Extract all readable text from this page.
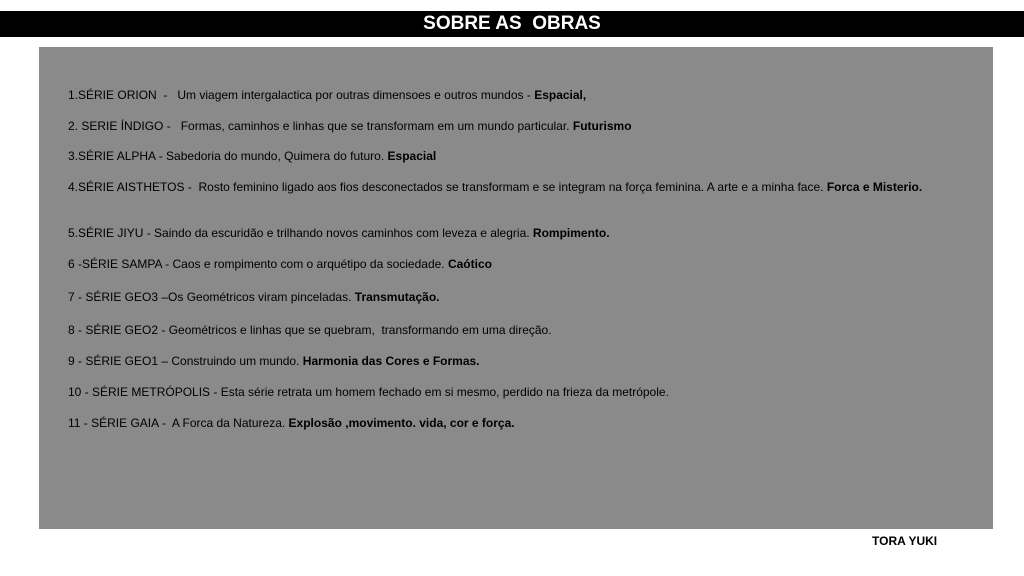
SOBRE AS  OBRAS
1.SÉRIE ORION  -   Um viagem intergalactica por outras dimensoes e outros mundos - Espacial,
2. SERIE ÍNDIGO -   Formas, caminhos e linhas que se transformam em um mundo particular. Futurismo
3.SÉRIE ALPHA - Sabedoria do mundo, Quimera do futuro. Espacial
4.SÉRIE AISTHETOS -  Rosto feminino ligado aos fios desconectados se transformam e se integram na força feminina. A arte e a minha face. Forca e Misterio.
5.SÉRIE JIYU - Saindo da escuridão e trilhando novos caminhos com leveza e alegria. Rompimento.
6 -SÉRIE SAMPA - Caos e rompimento com o arquétipo da sociedade. Caótico
7 - SÉRIE GEO3 –Os Geométricos viram pinceladas. Transmutação.
8 - SÉRIE GEO2 - Geométricos e linhas que se quebram,  transformando em uma direção.
9 - SÉRIE GEO1 – Construindo um mundo. Harmonia das Cores e Formas.
10 - SÉRIE METRÓPOLIS - Esta série retrata um homem fechado em si mesmo, perdido na frieza da metrópole.
11 - SÉRIE GAIA -  A Forca da Natureza. Explosão ,movimento. vida, cor e força.
TORA YUKI
